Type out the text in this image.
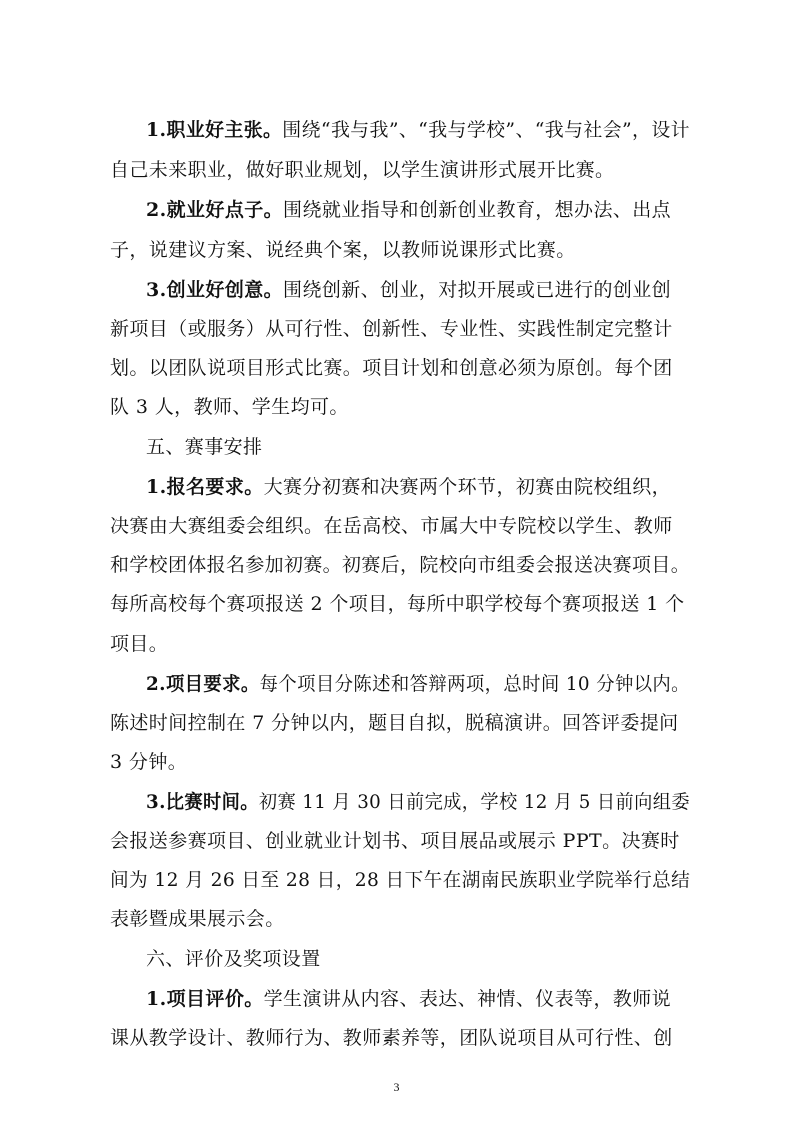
1.职业好主张。围绕“我与我”、“我与学校”、“我与社会”，设计
自己未来职业，做好职业规划，以学生演讲形式展开比赛。
2.就业好点子。围绕就业指导和创新创业教育，想办法、出点
子，说建议方案、说经典个案，以教师说课形式比赛。
3.创业好创意。围绕创新、创业，对拟开展或已进行的创业创
新项目（或服务）从可行性、创新性、专业性、实践性制定完整计
划。以团队说项目形式比赛。项目计划和创意必须为原创。每个团
队 3 人，教师、学生均可。
五、赛事安排
1.报名要求。大赛分初赛和决赛两个环节，初赛由院校组织，
决赛由大赛组委会组织。在岳高校、市属大中专院校以学生、教师
和学校团体报名参加初赛。初赛后，院校向市组委会报送决赛项目。
每所高校每个赛项报送 2 个项目，每所中职学校每个赛项报送 1 个
项目。
2.项目要求。每个项目分陈述和答辩两项，总时间 10 分钟以内。
陈述时间控制在 7 分钟以内，题目自拟，脱稿演讲。回答评委提问
3 分钟。
3.比赛时间。初赛 11 月 30 日前完成，学校 12 月 5 日前向组委
会报送参赛项目、创业就业计划书、项目展品或展示 PPT。决赛时
间为 12 月 26 日至 28 日，28 日下午在湖南民族职业学院举行总结
表彰暨成果展示会。
六、评价及奖项设置
1.项目评价。学生演讲从内容、表达、神情、仪表等，教师说
课从教学设计、教师行为、教师素养等，团队说项目从可行性、创
3
